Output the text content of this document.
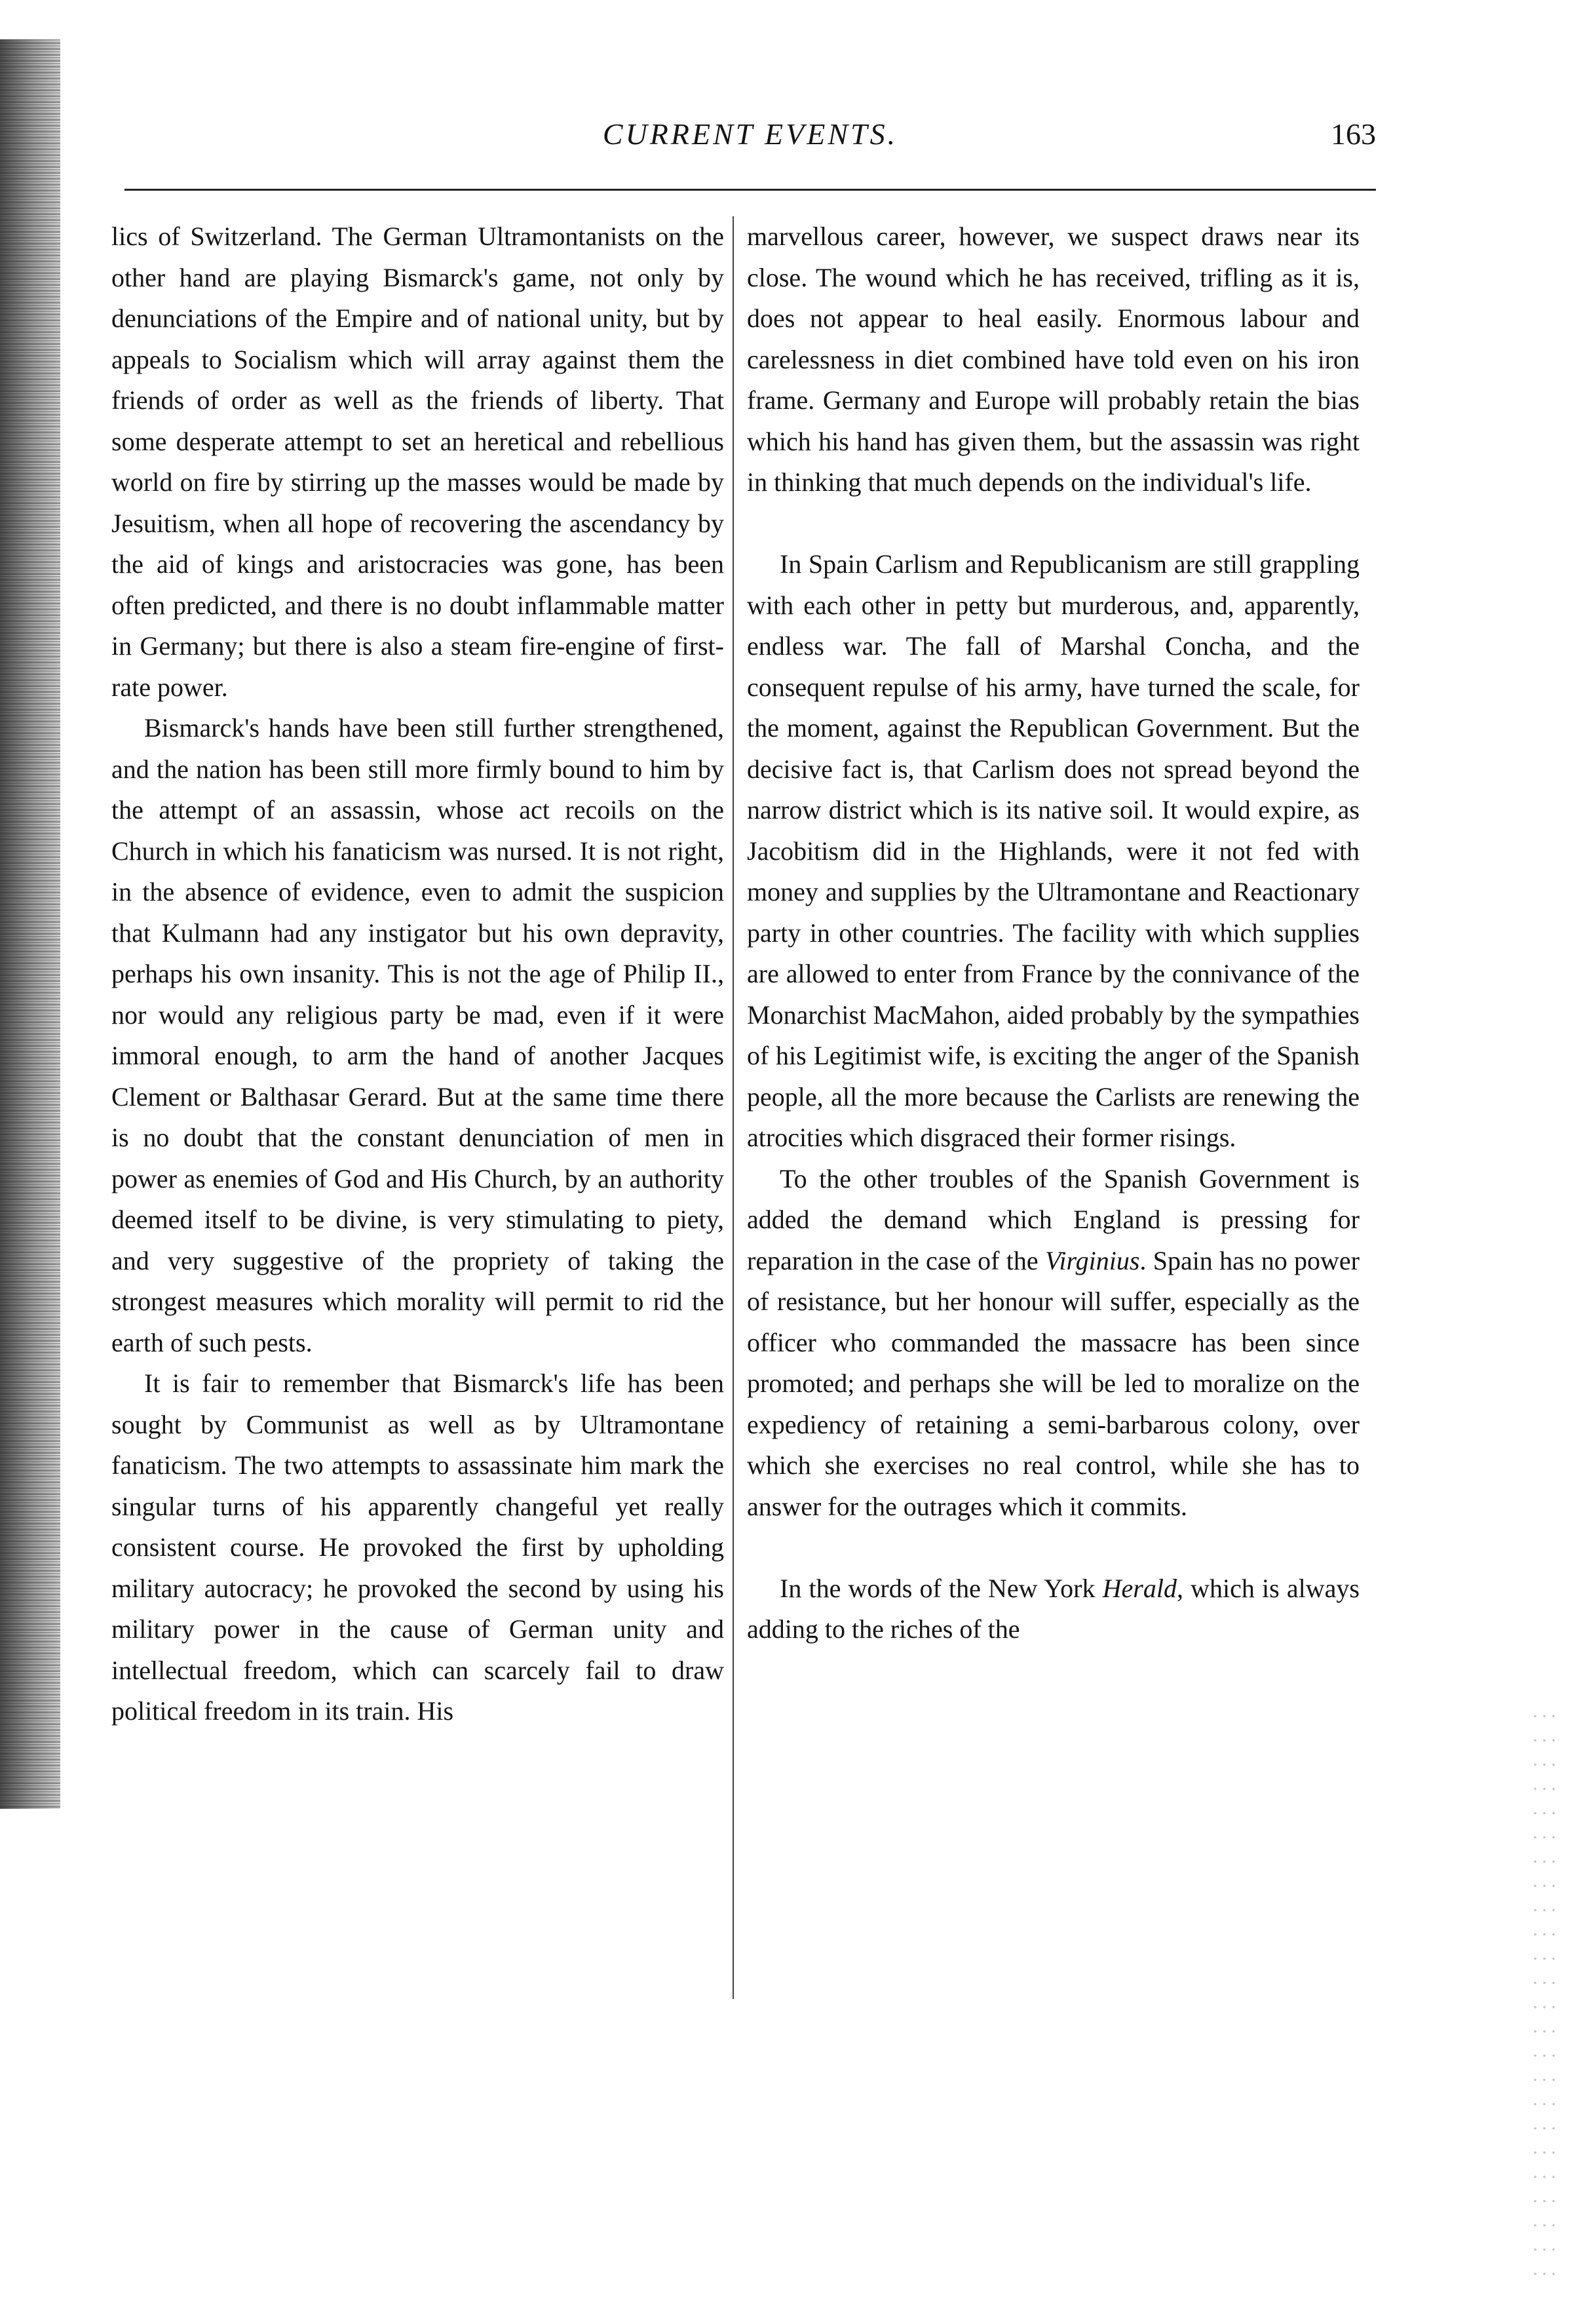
CURRENT EVENTS.	163

lics of Switzerland. The German Ultramontanists on the other hand are playing Bismarck's game, not only by denunciations of the Empire and of national unity, but by appeals to Socialism which will array against them the friends of order as well as the friends of liberty. That some desperate attempt to set an heretical and rebellious world on fire by stirring up the masses would be made by Jesuitism, when all hope of recovering the ascendancy by the aid of kings and aristocracies was gone, has been often predicted, and there is no doubt inflammable matter in Germany; but there is also a steam fire-engine of first-rate power.

Bismarck's hands have been still further strengthened, and the nation has been still more firmly bound to him by the attempt of an assassin, whose act recoils on the Church in which his fanaticism was nursed. It is not right, in the absence of evidence, even to admit the suspicion that Kulmann had any instigator but his own depravity, perhaps his own insanity. This is not the age of Philip II., nor would any religious party be mad, even if it were immoral enough, to arm the hand of another Jacques Clement or Balthasar Gerard. But at the same time there is no doubt that the constant denunciation of men in power as enemies of God and His Church, by an authority deemed itself to be divine, is very stimulating to piety, and very suggestive of the propriety of taking the strongest measures which morality will permit to rid the earth of such pests.

It is fair to remember that Bismarck's life has been sought by Communist as well as by Ultramontane fanaticism. The two attempts to assassinate him mark the singular turns of his apparently changeful yet really consistent course. He provoked the first by upholding military autocracy; he provoked the second by using his military power in the cause of German unity and intellectual freedom, which can scarcely fail to draw political freedom in its train. His

marvellous career, however, we suspect draws near its close. The wound which he has received, trifling as it is, does not appear to heal easily. Enormous labour and carelessness in diet combined have told even on his iron frame. Germany and Europe will probably retain the bias which his hand has given them, but the assassin was right in thinking that much depends on the individual's life.

In Spain Carlism and Republicanism are still grappling with each other in petty but murderous, and, apparently, endless war. The fall of Marshal Concha, and the consequent repulse of his army, have turned the scale, for the moment, against the Republican Government. But the decisive fact is, that Carlism does not spread beyond the narrow district which is its native soil. It would expire, as Jacobitism did in the Highlands, were it not fed with money and supplies by the Ultramontane and Reactionary party in other countries. The facility with which supplies are allowed to enter from France by the connivance of the Monarchist MacMahon, aided probably by the sympathies of his Legitimist wife, is exciting the anger of the Spanish people, all the more because the Carlists are renewing the atrocities which disgraced their former risings.

To the other troubles of the Spanish Government is added the demand which England is pressing for reparation in the case of the Virginius. Spain has no power of resistance, but her honour will suffer, especially as the officer who commanded the massacre has been since promoted; and perhaps she will be led to moralize on the expediency of retaining a semi-barbarous colony, over which she exercises no real control, while she has to answer for the outrages which it commits.

In the words of the New York Herald, which is always adding to the riches of the
